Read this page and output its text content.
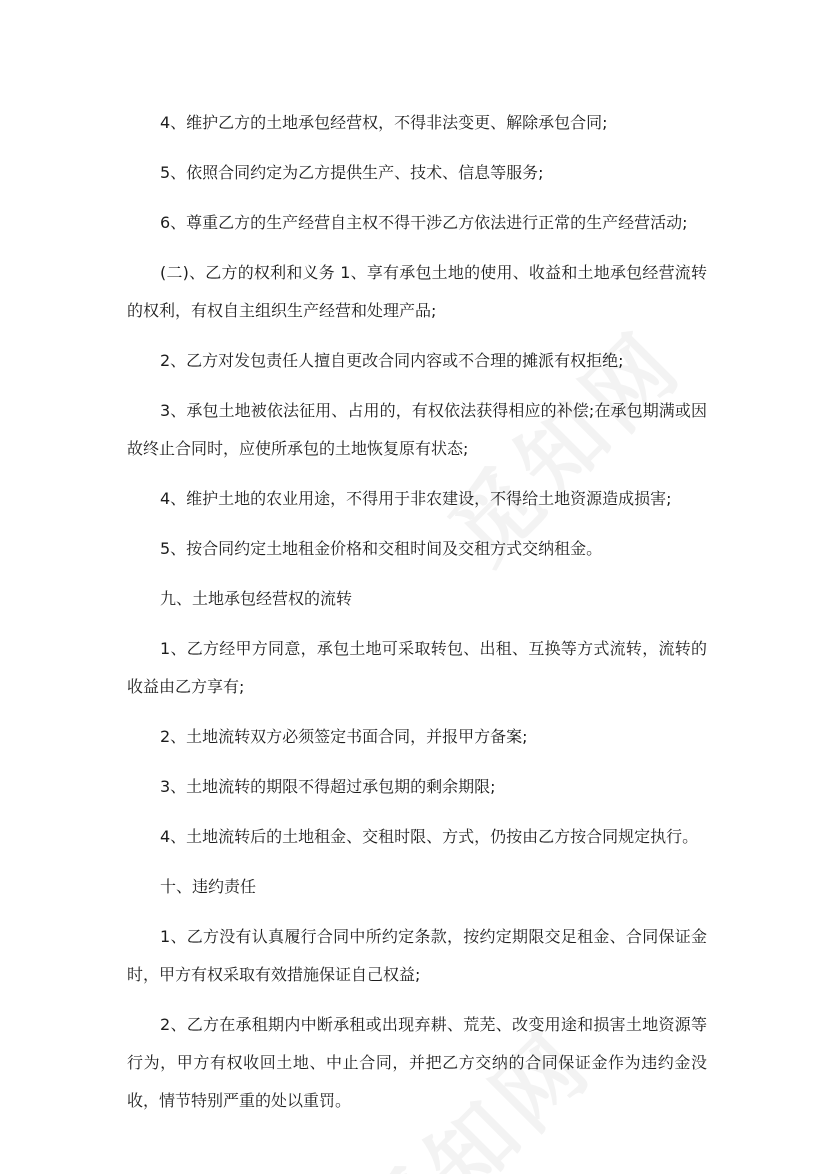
4、维护乙方的土地承包经营权，不得非法变更、解除承包合同;

5、依照合同约定为乙方提供生产、技术、信息等服务;

6、尊重乙方的生产经营自主权不得干涉乙方依法进行正常的生产经营活动;

(二)、乙方的权利和义务 1、享有承包土地的使用、收益和土地承包经营流转的权利，有权自主组织生产经营和处理产品;

2、乙方对发包责任人擅自更改合同内容或不合理的摊派有权拒绝;

3、承包土地被依法征用、占用的，有权依法获得相应的补偿;在承包期满或因故终止合同时，应使所承包的土地恢复原有状态;

4、维护土地的农业用途，不得用于非农建设，不得给土地资源造成损害;

5、按合同约定土地租金价格和交租时间及交租方式交纳租金。

九、土地承包经营权的流转

1、乙方经甲方同意，承包土地可采取转包、出租、互换等方式流转，流转的收益由乙方享有;

2、土地流转双方必须签定书面合同，并报甲方备案;

3、土地流转的期限不得超过承包期的剩余期限;

4、土地流转后的土地租金、交租时限、方式，仍按由乙方按合同规定执行。

十、违约责任

1、乙方没有认真履行合同中所约定条款，按约定期限交足租金、合同保证金时，甲方有权采取有效措施保证自己权益;

2、乙方在承租期内中断承租或出现弃耕、荒芜、改变用途和损害土地资源等行为，甲方有权收回土地、中止合同，并把乙方交纳的合同保证金作为违约金没收，情节特别严重的处以重罚。
